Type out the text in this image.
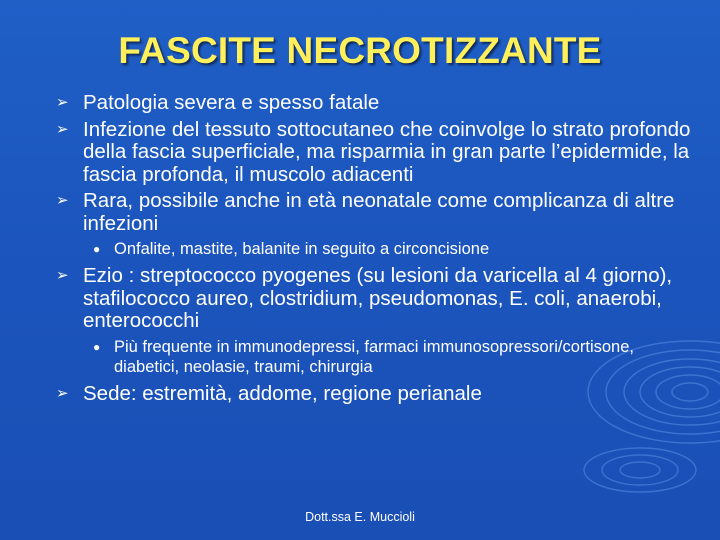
FASCITE NECROTIZZANTE
➢ Patologia severa e spesso fatale
➢ Infezione del tessuto sottocutaneo che coinvolge lo strato profondo della fascia superficiale, ma risparmia in gran parte l’epidermide, la fascia profonda, il muscolo adiacenti
➢ Rara, possibile anche in età neonatale come complicanza di altre infezioni
● Onfalite, mastite, balanite in seguito a circoncisione
➢ Ezio : streptococco pyogenes (su lesioni da varicella al 4 giorno), stafilococco aureo, clostridium, pseudomonas, E. coli, anaerobi, enterococchi
● Più frequente in immunodepressi, farmaci immunosopressori/cortisone, diabetici, neolasie, traumi, chirurgia
➢ Sede: estremità, addome, regione perianale
Dott.ssa E. Muccioli
